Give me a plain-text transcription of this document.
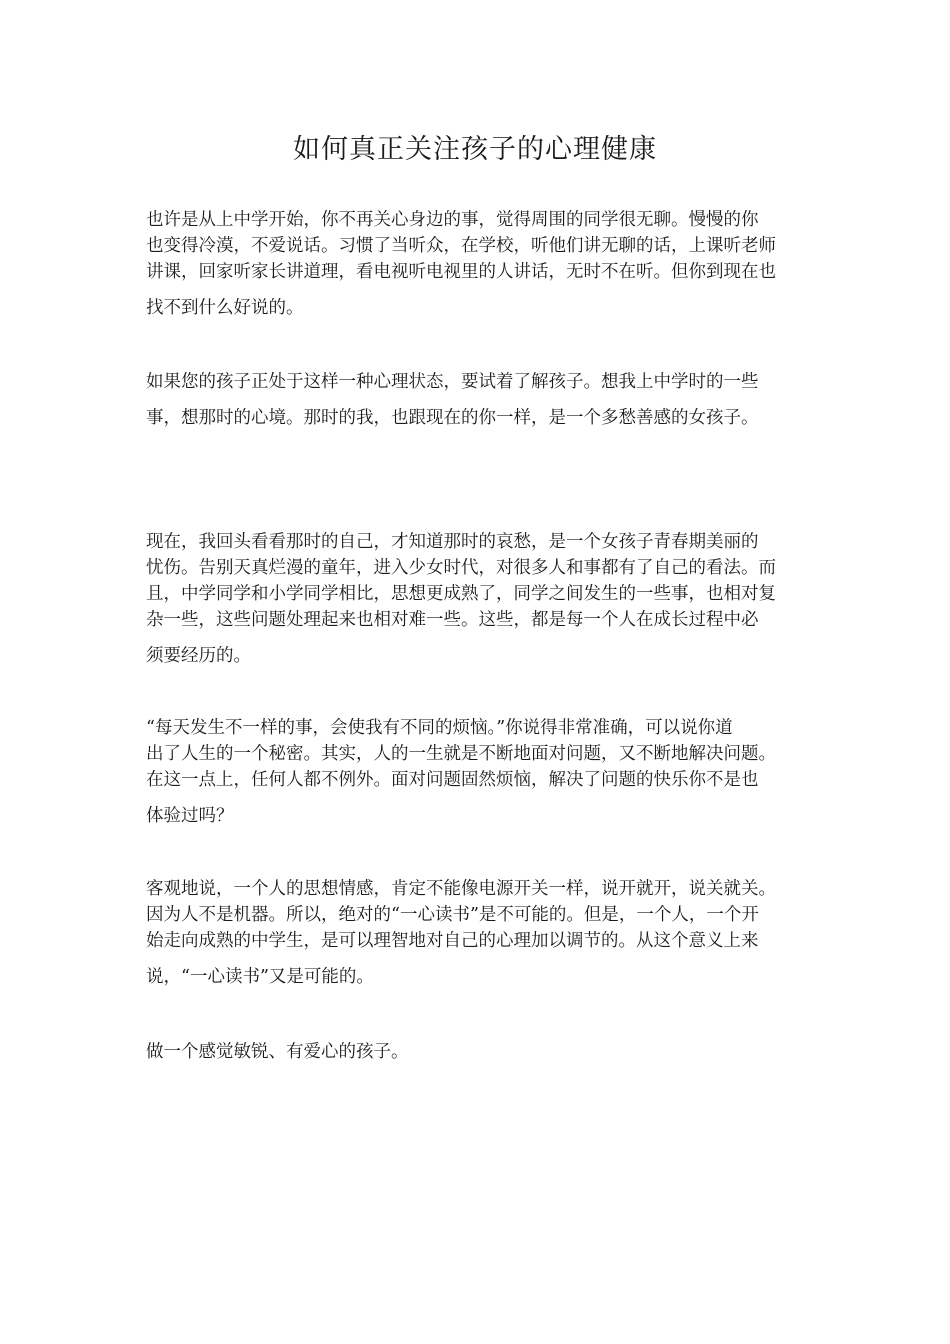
如何真正关注孩子的心理健康

也许是从上中学开始，你不再关心身边的事，觉得周围的同学很无聊。慢慢的你
也变得冷漠，不爱说话。习惯了当听众，在学校，听他们讲无聊的话，上课听老师
讲课，回家听家长讲道理，看电视听电视里的人讲话，无时不在听。但你到现在也
找不到什么好说的。

如果您的孩子正处于这样一种心理状态，要试着了解孩子。想我上中学时的一些
事，想那时的心境。那时的我，也跟现在的你一样，是一个多愁善感的女孩子。

现在，我回头看看那时的自己，才知道那时的哀愁，是一个女孩子青春期美丽的
忧伤。告别天真烂漫的童年，进入少女时代，对很多人和事都有了自己的看法。而
且，中学同学和小学同学相比，思想更成熟了，同学之间发生的一些事，也相对复
杂一些，这些问题处理起来也相对难一些。这些，都是每一个人在成长过程中必
须要经历的。

“每天发生不一样的事，会使我有不同的烦恼。”你说得非常准确，可以说你道
出了人生的一个秘密。其实，人的一生就是不断地面对问题，又不断地解决问题。
在这一点上，任何人都不例外。面对问题固然烦恼，解决了问题的快乐你不是也
体验过吗？

客观地说，一个人的思想情感，肯定不能像电源开关一样，说开就开，说关就关。
因为人不是机器。所以，绝对的“一心读书”是不可能的。但是，一个人，一个开
始走向成熟的中学生，是可以理智地对自己的心理加以调节的。从这个意义上来
说，“一心读书”又是可能的。

做一个感觉敏锐、有爱心的孩子。
